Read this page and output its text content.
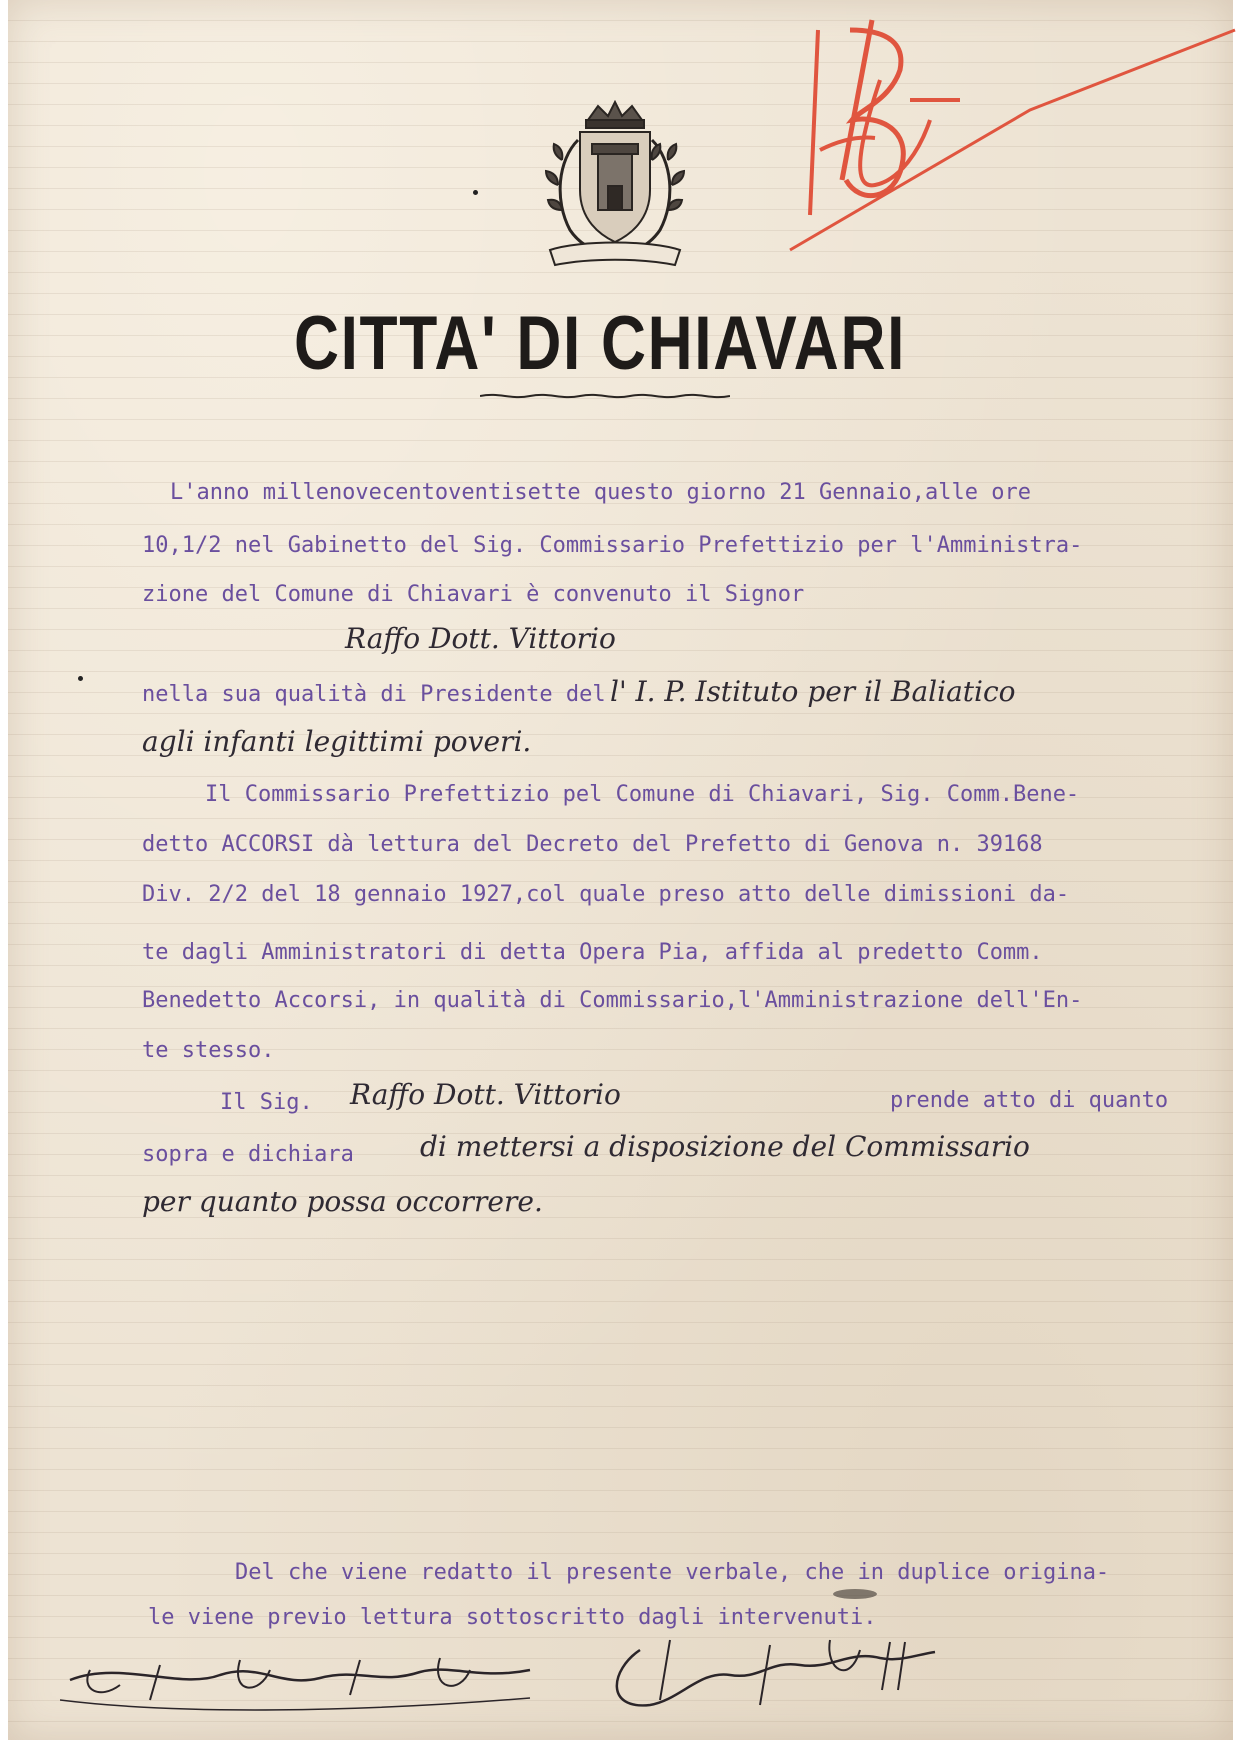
CITTA' DI CHIAVARI
L'anno millenovecentoventisette questo giorno 21 Gennaio,alle ore
10,1/2 nel Gabinetto del Sig. Commissario Prefettizio per l'Amministra-
zione del Comune di Chiavari è convenuto il Signor
Raffo Dott. Vittorio
nella sua qualità di Presidente del l' I. P. Istituto per il Baliatico
agli infanti legittimi poveri.
Il Commissario Prefettizio pel Comune di Chiavari, Sig. Comm.Bene-
detto ACCORSI dà lettura del Decreto del Prefetto di Genova n. 39168
Div. 2/2 del 18 gennaio 1927,col quale preso atto delle dimissioni da-
te dagli Amministratori di detta Opera Pia, affida al predetto Comm.
Benedetto Accorsi, in qualità di Commissario,l'Amministrazione dell'En-
te stesso.
Il Sig. Raffo Dott. Vittorio	prende atto di quanto
sopra e dichiara di mettersi a disposizione del Commissario
per quanto possa occorrere.
Del che viene redatto il presente verbale, che in duplice origina-
le viene previo lettura sottoscritto dagli intervenuti.
